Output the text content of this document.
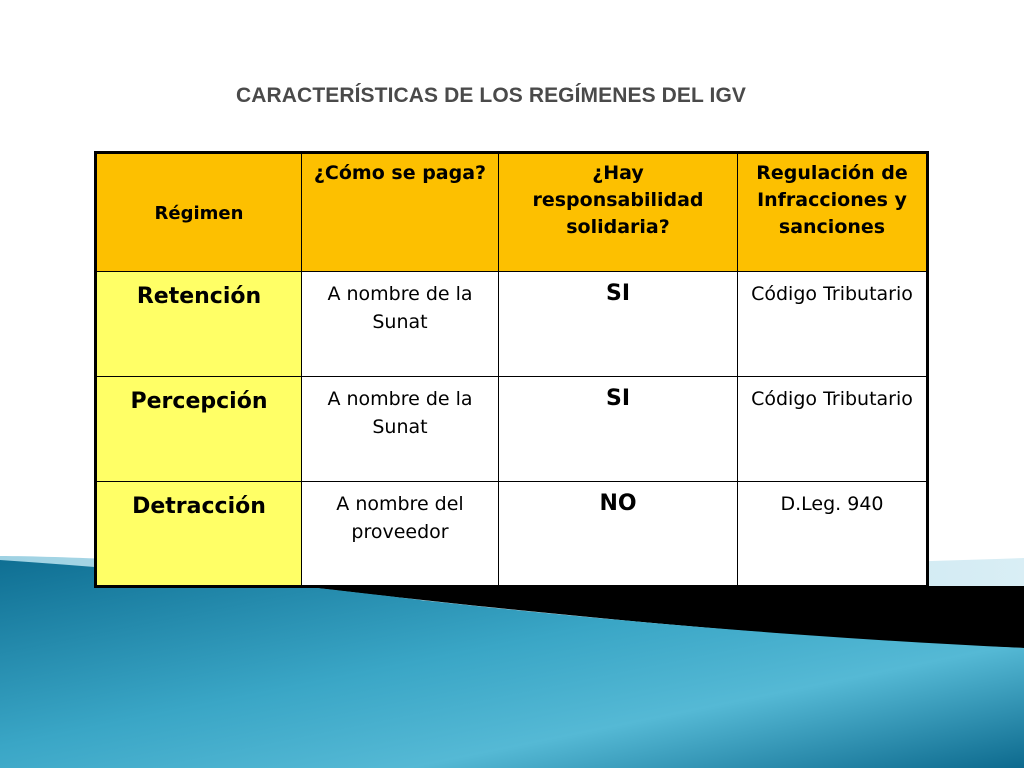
CARACTERÍSTICAS DE LOS REGÍMENES DEL IGV
Régimen	¿Cómo se paga?	¿Hay responsabilidad solidaria?	Regulación de Infracciones y sanciones
Retención	A nombre de la Sunat	SI	Código Tributario
Percepción	A nombre de la Sunat	SI	Código Tributario
Detracción	A nombre del proveedor	NO	D.Leg. 940
